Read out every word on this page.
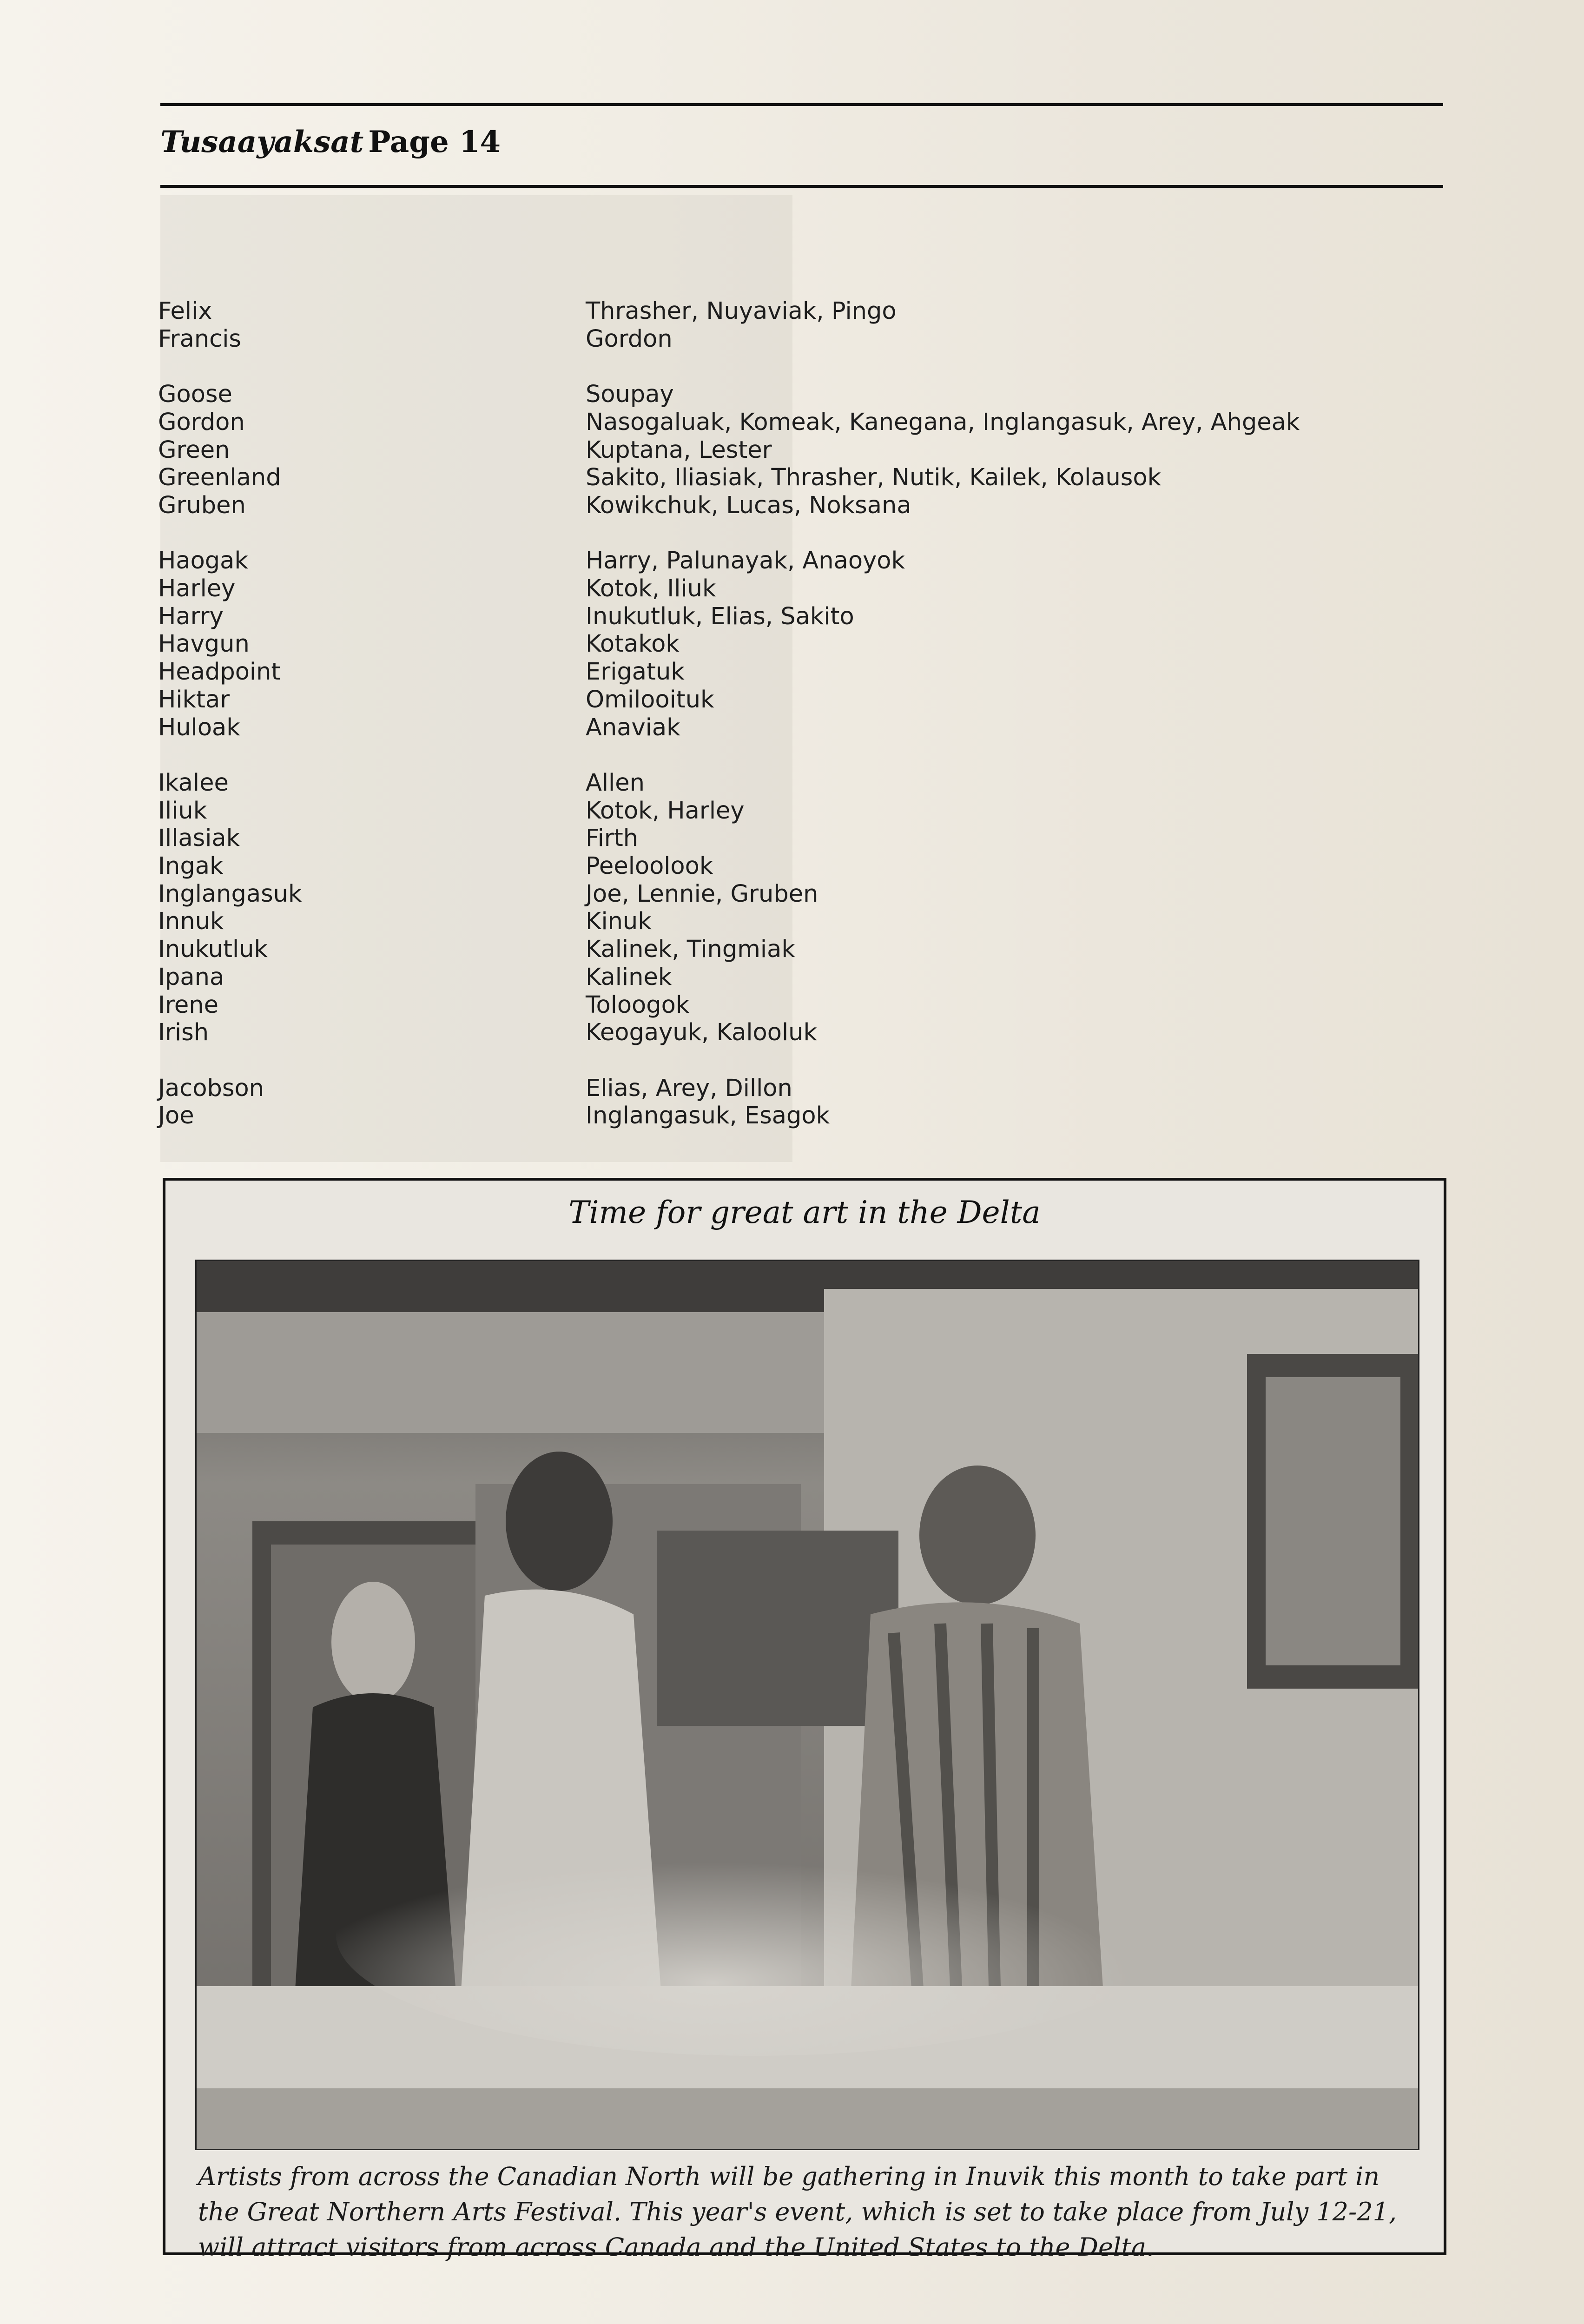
Tusaayaksat Page 14
Felix	Thrasher, Nuyaviak, Pingo
Francis	Gordon
Goose	Soupay
Gordon	Nasogaluak, Komeak, Kanegana, Inglangasuk, Arey, Ahgeak
Green	Kuptana, Lester
Greenland	Sakito, Iliasiak, Thrasher, Nutik, Kailek, Kolausok
Gruben	Kowikchuk, Lucas, Noksana
Haogak	Harry, Palunayak, Anaoyok
Harley	Kotok, Iliuk
Harry	Inukutluk, Elias, Sakito
Havgun	Kotakok
Headpoint	Erigatuk
Hiktar	Omilooituk
Huloak	Anaviak
Ikalee	Allen
Iliuk	Kotok, Harley
Illasiak	Firth
Ingak	Peeloolook
Inglangasuk	Joe, Lennie, Gruben
Innuk	Kinuk
Inukutluk	Kalinek, Tingmiak
Ipana	Kalinek
Irene	Toloogok
Irish	Keogayuk, Kalooluk
Jacobson	Elias, Arey, Dillon
Joe	Inglangasuk, Esagok
Time for great art in the Delta
Artists from across the Canadian North will be gathering in Inuvik this month to take part in the Great Northern Arts Festival. This year's event, which is set to take place from July 12-21, will attract visitors from across Canada and the United States to the Delta.
